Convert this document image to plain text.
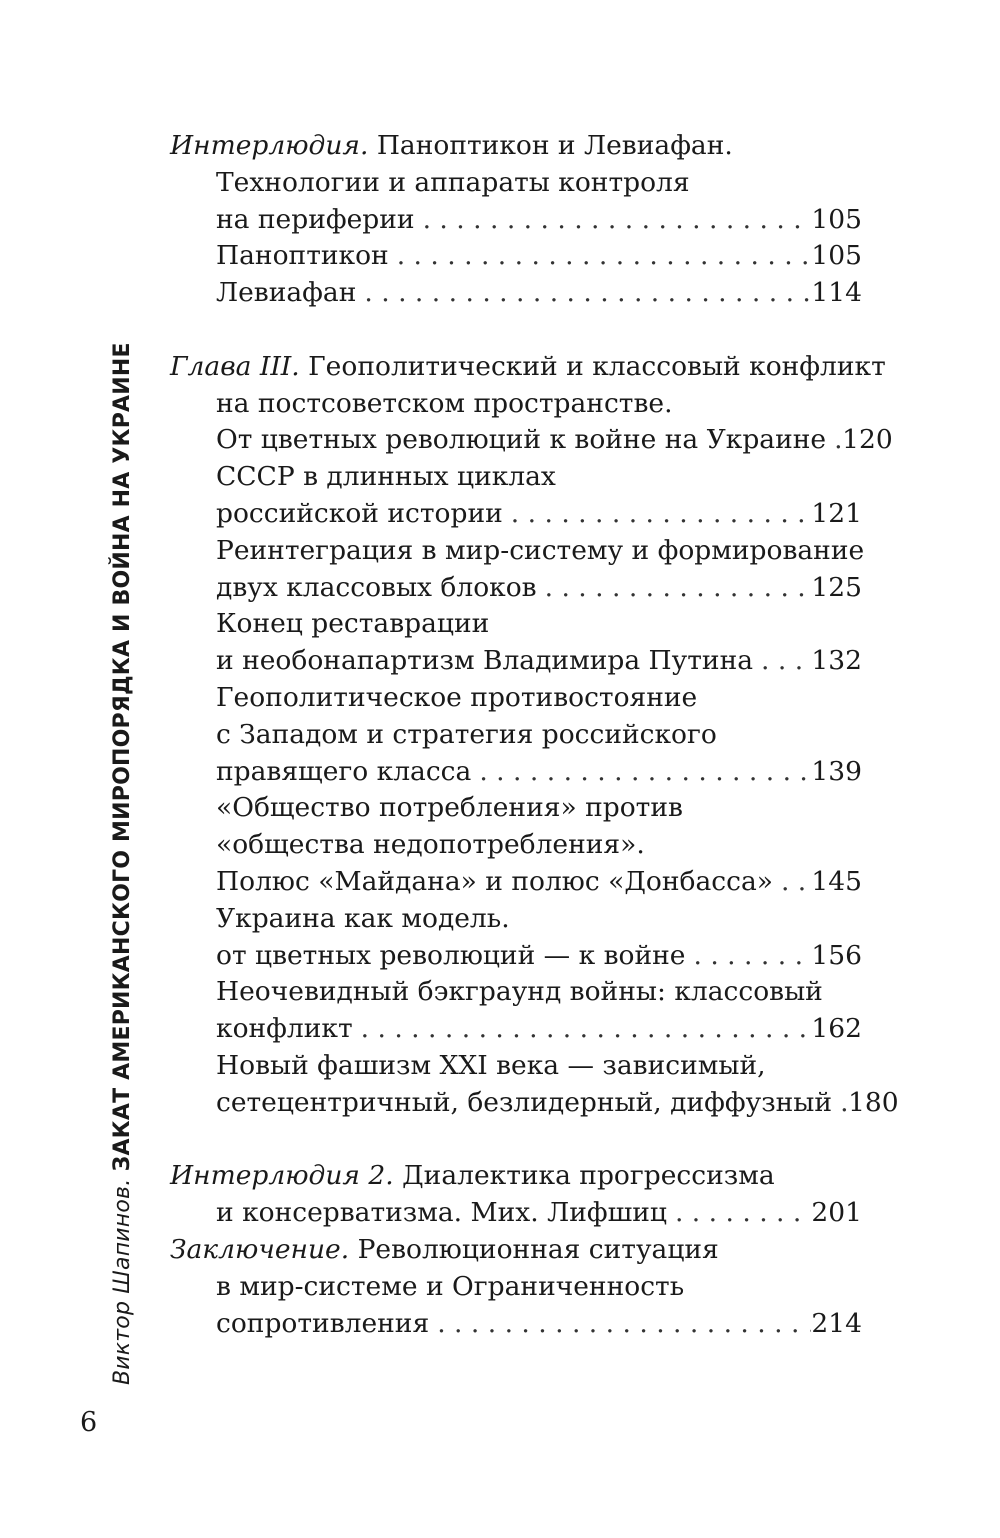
Виктор Шапинов. ЗАКАТ АМЕРИКАНСКОГО МИРОПОРЯДКА И ВОЙНА НА УКРАИНЕ
Интерлюдия. Паноптикон и Левиафан.
Технологии и аппараты контроля
на периферии . . .	105
Паноптикон . . .	105
Левиафан . . .	114
Глава III. Геополитический и классовый конфликт
на постсоветском пространстве.
От цветных революций к войне на Украине . . . 120
СССР в длинных циклах
российской истории . . .	121
Реинтеграция в мир-систему и формирование
двух классовых блоков . . .	125
Конец реставрации
и необонапартизм Владимира Путина . . . 132
Геополитическое противостояние
с Западом и стратегия российского
правящего класса . . .	139
«Общество потребления» против
«общества недопотребления».
Полюс «Майдана» и полюс «Донбасса» . . . 145
Украина как модель.
от цветных революций — к войне . . .	156
Неочевидный бэкграунд войны: классовый
конфликт . . .	162
Новый фашизм XXI века — зависимый,
сетецентричный, безлидерный, диффузный . . . 180
Интерлюдия 2. Диалектика прогрессизма
и консерватизма. Мих. Лифшиц . . .	201
Заключение. Революционная ситуация
в мир-системе и Ограниченность
сопротивления . . .	214
6
